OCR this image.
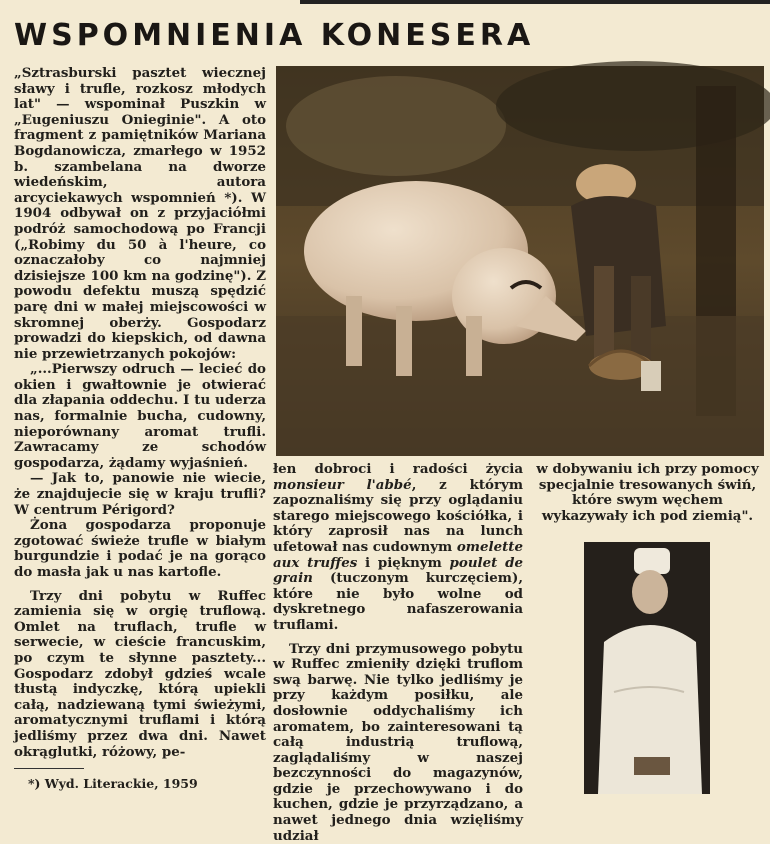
WSPOMNIENIA KONESERA

„Sztrasburski pasztet wiecznej sławy i trufle, rozkosz młodych lat" — wspominał Puszkin w „Eugeniuszu Onieginie". A oto fragment z pamiętników Mariana Bogdanowicza, zmarłego w 1952 b. szambelana na dworze wiedeńskim, autora arcyciekawych wspomnień *). W 1904 odbywał on z przyjaciółmi podróż samochodową po Francji („Robimy du 50 à l'heure, co oznaczałoby co najmniej dzisiejsze 100 km na godzinę"). Z powodu defektu muszą spędzić parę dni w małej miejscowości w skromnej oberży. Gospodarz prowadzi do kiepskich, od dawna nie przewietrzanych pokojów:

„...Pierwszy odruch — lecieć do okien i gwałtownie je otwierać dla złapania oddechu. I tu uderza nas, formalnie bucha, cudowny, nieporównany aromat trufli. Zawracamy ze schodów gospodarza, żądamy wyjaśnień.

— Jak to, panowie nie wiecie, że znajdujecie się w kraju trufli? W centrum Périgord?

Żona gospodarza proponuje zgotować świeże trufle w białym burgundzie i podać je na gorąco do masła jak u nas kartofle.

Trzy dni pobytu w Ruffec zamienia się w orgię truflową. Omlet na truflach, trufle w serwecie, w cieście francuskim, po czym te słynne pasztety... Gospodarz zdobył gdzieś wcale tłustą indyczkę, którą upiekli całą, nadziewaną tymi świeżymi, aromatycznymi truflami i którą jedliśmy przez dwa dni. Nawet okrąglutki, różowy, pe-

*) Wyd. Literackie, 1959

łen dobroci i radości życia monsieur l'abbé, z którym zapoznaliśmy się przy oglądaniu starego miejscowego kościółka, i który zaprosił nas na lunch ufetował nas cudownym omelette aux truffes i pięknym poulet de grain (tuczonym kurczęciem), które nie było wolne od dyskretnego nafaszerowania truflami.

Trzy dni przymusowego pobytu w Ruffec zmieniły dzięki truflom swą barwę. Nie tylko jedliśmy je przy każdym posiłku, ale dosłownie oddychaliśmy ich aromatem, bo zainteresowani tą całą industrią truflową, zaglądaliśmy w naszej bezczynności do magazynów, gdzie je przechowywano i do kuchen, gdzie je przyrządzano, a nawet jednego dnia wzięliśmy udział

w dobywaniu ich przy pomocy specjalnie tresowanych świń, które swym węchem wykazywały ich pod ziemią".
